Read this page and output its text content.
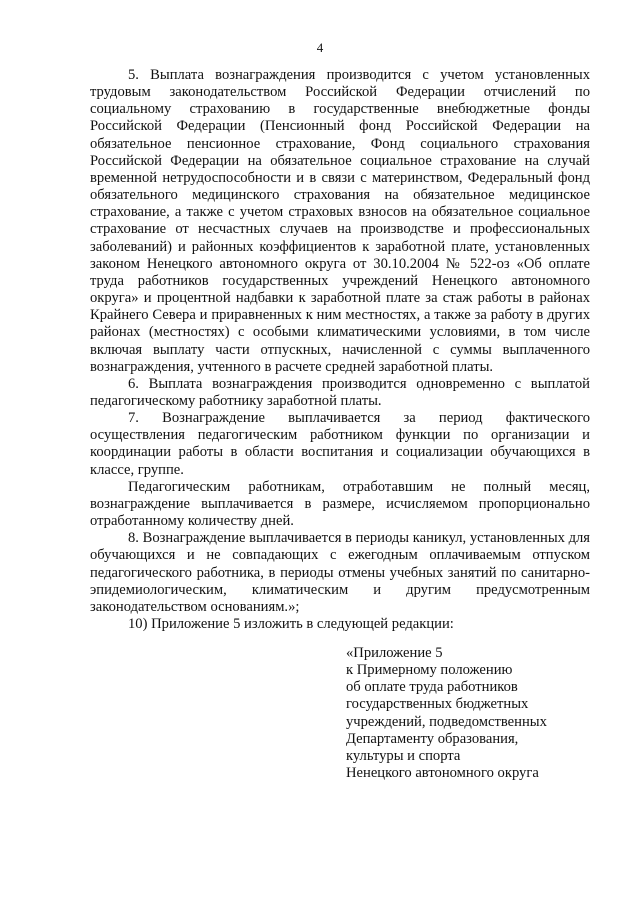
4

5. Выплата вознаграждения производится с учетом установленных трудовым законодательством Российской Федерации отчислений по социальному страхованию в государственные внебюджетные фонды Российской Федерации (Пенсионный фонд Российской Федерации на обязательное пенсионное страхование, Фонд социального страхования Российской Федерации на обязательное социальное страхование на случай временной нетрудоспособности и в связи с материнством, Федеральный фонд обязательного медицинского страхования на обязательное медицинское страхование, а также с учетом страховых взносов на обязательное социальное страхование от несчастных случаев на производстве и профессиональных заболеваний) и районных коэффициентов к заработной плате, установленных законом Ненецкого автономного округа от 30.10.2004 № 522-оз «Об оплате труда работников государственных учреждений Ненецкого автономного округа» и процентной надбавки к заработной плате за стаж работы в районах Крайнего Севера и приравненных к ним местностях, а также за работу в других районах (местностях) с особыми климатическими условиями, в том числе включая выплату части отпускных, начисленной с суммы выплаченного вознаграждения, учтенного в расчете средней заработной платы.

6. Выплата вознаграждения производится одновременно с выплатой педагогическому работнику заработной платы.

7. Вознаграждение выплачивается за период фактического осуществления педагогическим работником функции по организации и координации работы в области воспитания и социализации обучающихся в классе, группе.

Педагогическим работникам, отработавшим не полный месяц, вознаграждение выплачивается в размере, исчисляемом пропорционально отработанному количеству дней.

8. Вознаграждение выплачивается в периоды каникул, установленных для обучающихся и не совпадающих с ежегодным оплачиваемым отпуском педагогического работника, в периоды отмены учебных занятий по санитарно-эпидемиологическим, климатическим и другим предусмотренным законодательством основаниям.»;

10) Приложение 5 изложить в следующей редакции:

«Приложение 5
к Примерному положению
об оплате труда работников
государственных бюджетных
учреждений, подведомственных
Департаменту образования,
культуры и спорта
Ненецкого автономного округа
